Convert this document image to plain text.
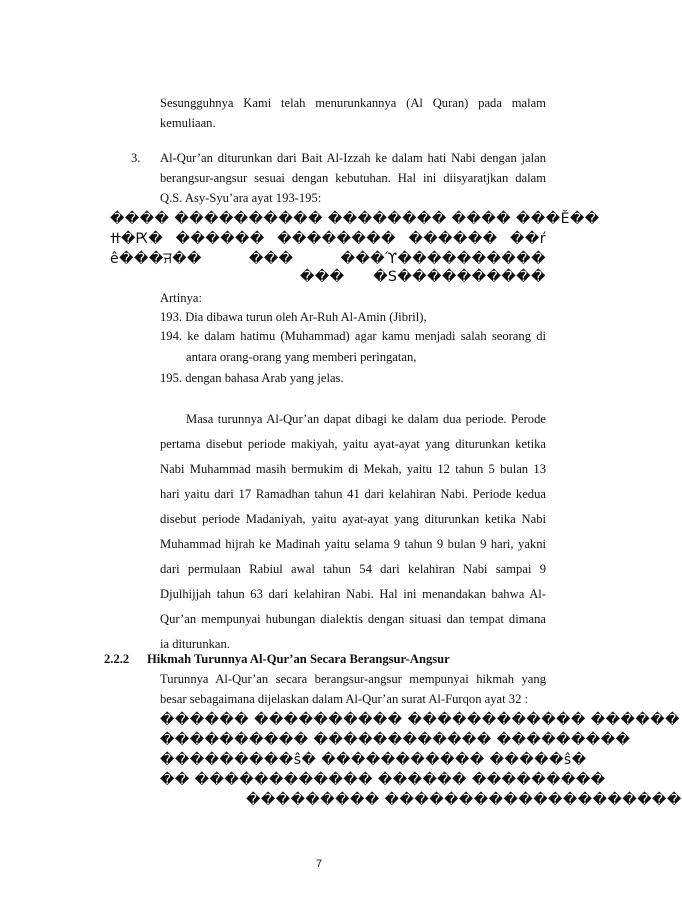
Sesungguhnya Kami telah menurunkannya (Al Quran) pada malam
kemuliaan.
3. Al-Qur’an diturunkan dari Bait Al-Izzah ke dalam hati Nabi dengan jalan
berangsur-angsur sesuai dengan kebutuhan. Hal ini diisyaratjkan dalam
Q.S. Asy-Syu’ara ayat 193-195:
���� ���������� �������� ���� ���Ĕ��
ߚ�Ԗ� ������ �������� ������ ��ŕ
ê���ꠔ�� ��� ���ϓ����������
��� �Ѕ����������
Artinya:
193. Dia dibawa turun oleh Ar-Ruh Al-Amin (Jibril),
194. ke dalam hatimu (Muhammad) agar kamu menjadi salah seorang di
antara orang-orang yang memberi peringatan,
195. dengan bahasa Arab yang jelas.
Masa turunnya Al-Qur’an dapat dibagi ke dalam dua periode. Perode
pertama disebut periode makiyah, yaitu ayat-ayat yang diturunkan ketika
Nabi Muhammad masih bermukim di Mekah, yaitu 12 tahun 5 bulan 13
hari yaitu dari 17 Ramadhan tahun 41 dari kelahiran Nabi. Periode kedua
disebut periode Madaniyah, yaitu ayat-ayat yang diturunkan ketika Nabi
Muhammad hijrah ke Madinah yaitu selama 9 tahun 9 bulan 9 hari, yakni
dari permulaan Rabiul awal tahun 54 dari kelahiran Nabi sampai 9
Djulhijjah tahun 63 dari kelahiran Nabi. Hal ini menandakan bahwa Al-
Qur’an mempunyai hubungan dialektis dengan situasi dan tempat dimana
ia diturunkan.
2.2.2 Hikmah Turunnya Al-Qur’an Secara Berangsur-Angsur
Turunnya Al-Qur’an secara berangsur-angsur mempunyai hikmah yang
besar sebagaimana dijelaskan dalam Al-Qur’an surat Al-Furqon ayat 32 :
������ ���������� ������������ ������
���������� ������������ ���������
���������ŝ� ����������� �����ŝ�
�� ������������ ������ ���������
��������� ��������������������
7
